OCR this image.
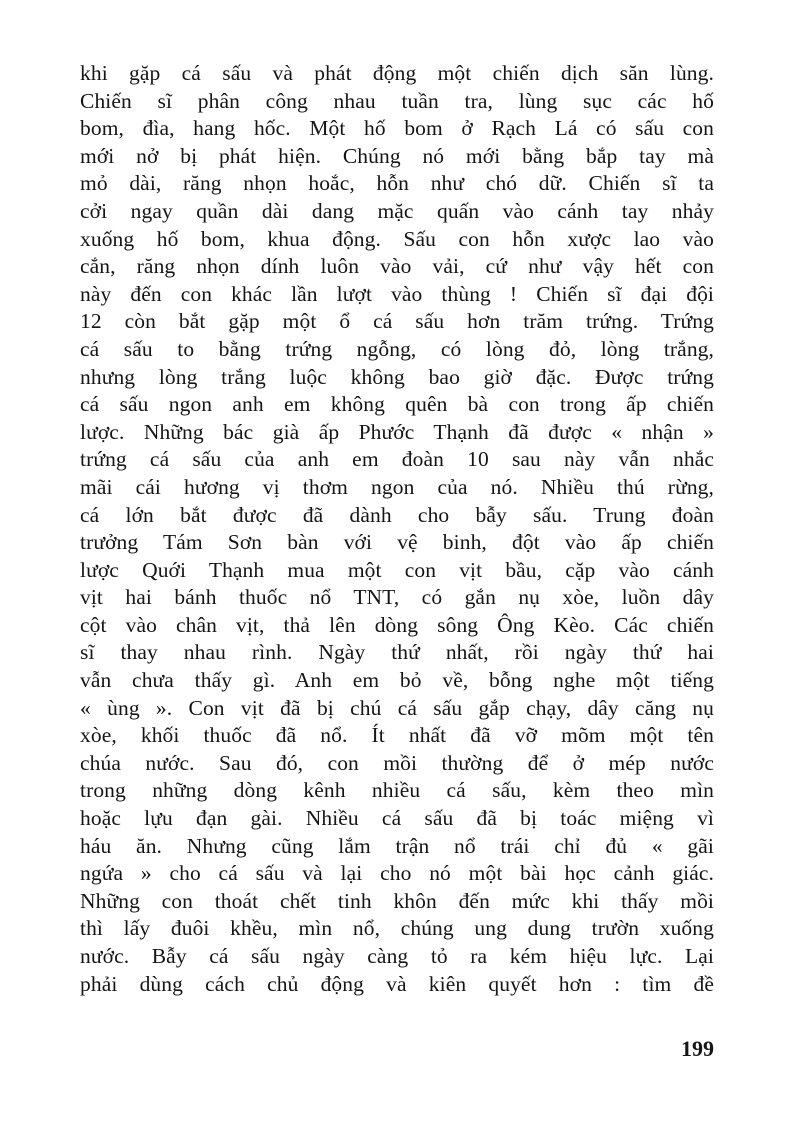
khi gặp cá sấu và phát động một chiến dịch săn lùng.
Chiến sĩ phân công nhau tuần tra, lùng sục các hố
bom, đìa, hang hốc. Một hố bom ở Rạch Lá có sấu con
mới nở bị phát hiện. Chúng nó mới bằng bắp tay mà
mỏ dài, răng nhọn hoắc, hỗn như chó dữ. Chiến sĩ ta
cởi ngay quần dài dang mặc quấn vào cánh tay nhảy
xuống hố bom, khua động. Sấu con hỗn xược lao vào
cắn, răng nhọn dính luôn vào vải, cứ như vậy hết con
này đến con khác lần lượt vào thùng ! Chiến sĩ đại đội
12 còn bắt gặp một ổ cá sấu hơn trăm trứng. Trứng
cá sấu to bằng trứng ngỗng, có lòng đỏ, lòng trắng,
nhưng lòng trắng luộc không bao giờ đặc. Được trứng
cá sấu ngon anh em không quên bà con trong ấp chiến
lược. Những bác già ấp Phước Thạnh đã được « nhận »
trứng cá sấu của anh em đoàn 10 sau này vẫn nhắc
mãi cái hương vị thơm ngon của nó. Nhiều thú rừng,
cá lớn bắt được đã dành cho bẫy sấu. Trung đoàn
trưởng Tám Sơn bàn với vệ binh, đột vào ấp chiến
lược Quới Thạnh mua một con vịt bầu, cặp vào cánh
vịt hai bánh thuốc nổ TNT, có gắn nụ xòe, luồn dây
cột vào chân vịt, thả lên dòng sông Ông Kèo. Các chiến
sĩ thay nhau rình. Ngày thứ nhất, rồi ngày thứ hai
vẫn chưa thấy gì. Anh em bỏ về, bỗng nghe một tiếng
« ùng ». Con vịt đã bị chú cá sấu gắp chạy, dây căng nụ
xòe, khối thuốc đã nổ. Ít nhất đã vỡ mõm một tên
chúa nước. Sau đó, con mồi thường để ở mép nước
trong những dòng kênh nhiều cá sấu, kèm theo mìn
hoặc lựu đạn gài. Nhiều cá sấu đã bị toác miệng vì
háu ăn. Nhưng cũng lắm trận nổ trái chỉ đủ « gãi
ngứa » cho cá sấu và lại cho nó một bài học cảnh giác.
Những con thoát chết tinh khôn đến mức khi thấy mồi
thì lấy đuôi khều, mìn nổ, chúng ung dung trườn xuống
nước. Bẫy cá sấu ngày càng tỏ ra kém hiệu lực. Lại
phải dùng cách chủ động và kiên quyết hơn : tìm đề
199
